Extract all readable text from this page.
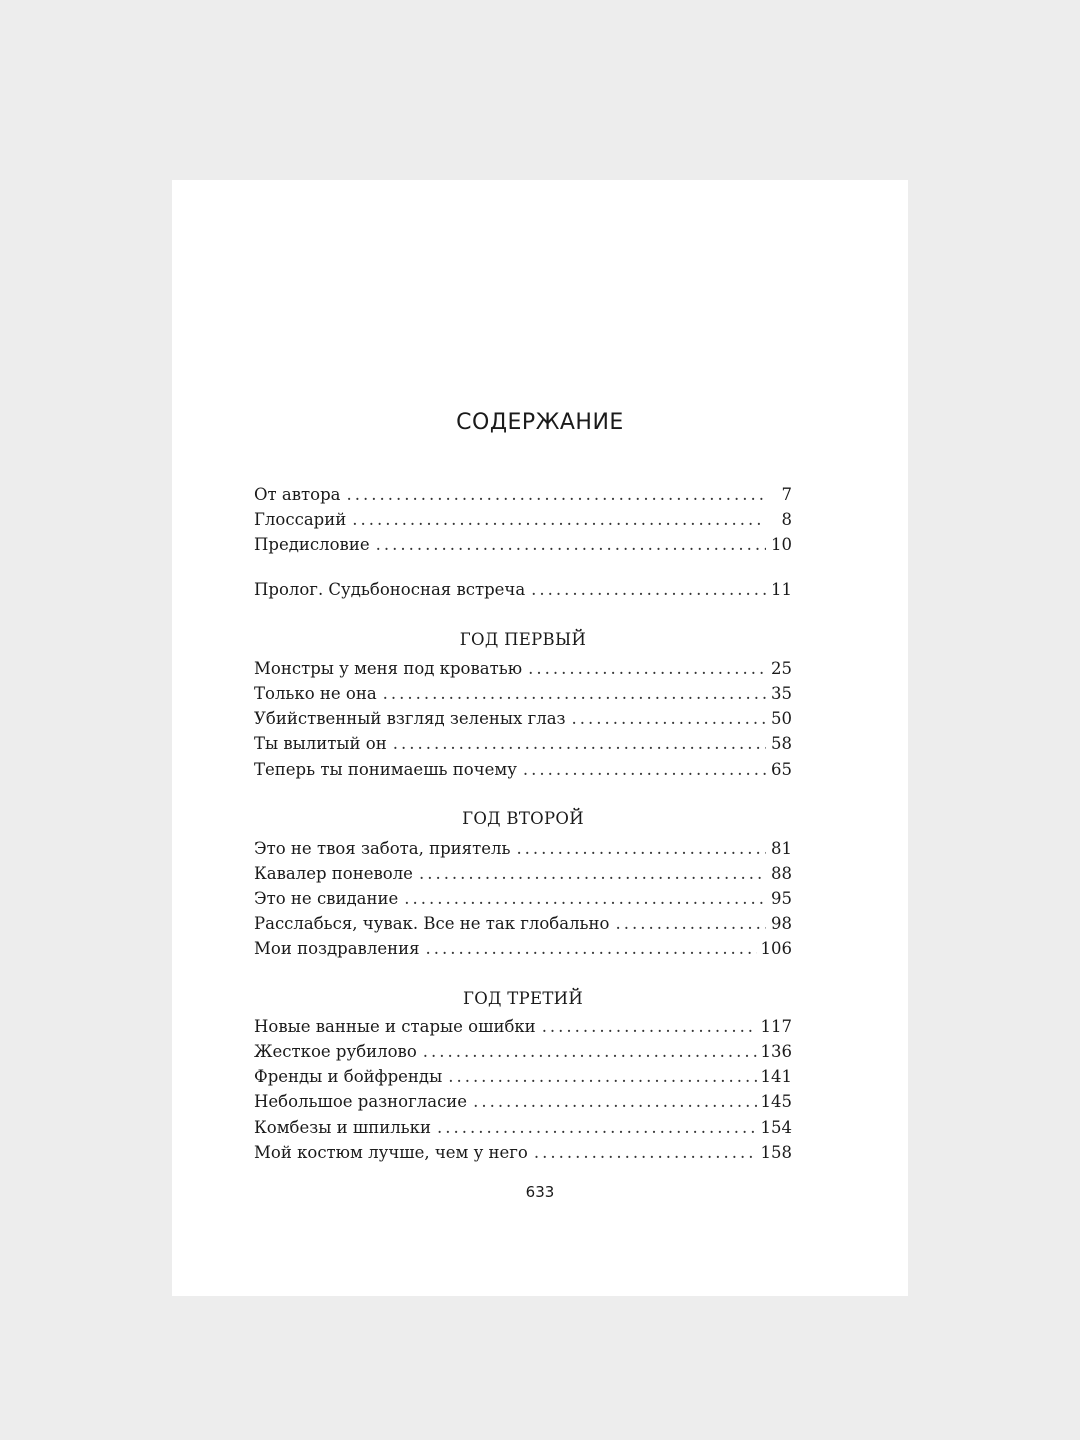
СОДЕРЖАНИЕ
От автора .....	7
Глоссарий .....	8
Предисловие .....	10
Пролог. Судьбоносная встреча .....	11
ГОД ПЕРВЫЙ
Монстры у меня под кроватью .....	25
Только не она .....	35
Убийственный взгляд зеленых глаз .....	50
Ты вылитый он .....	58
Теперь ты понимаешь почему .....	65
ГОД ВТОРОЙ
Это не твоя забота, приятель .....	81
Кавалер поневоле .....	88
Это не свидание .....	95
Расслабься, чувак. Все не так глобально .....	98
Мои поздравления .....	106
ГОД ТРЕТИЙ
Новые ванные и старые ошибки .....	117
Жесткое рубилово .....	136
Френды и бойфренды .....	141
Небольшое разногласие .....	145
Комбезы и шпильки .....	154
Мой костюм лучше, чем у него .....	158
633
